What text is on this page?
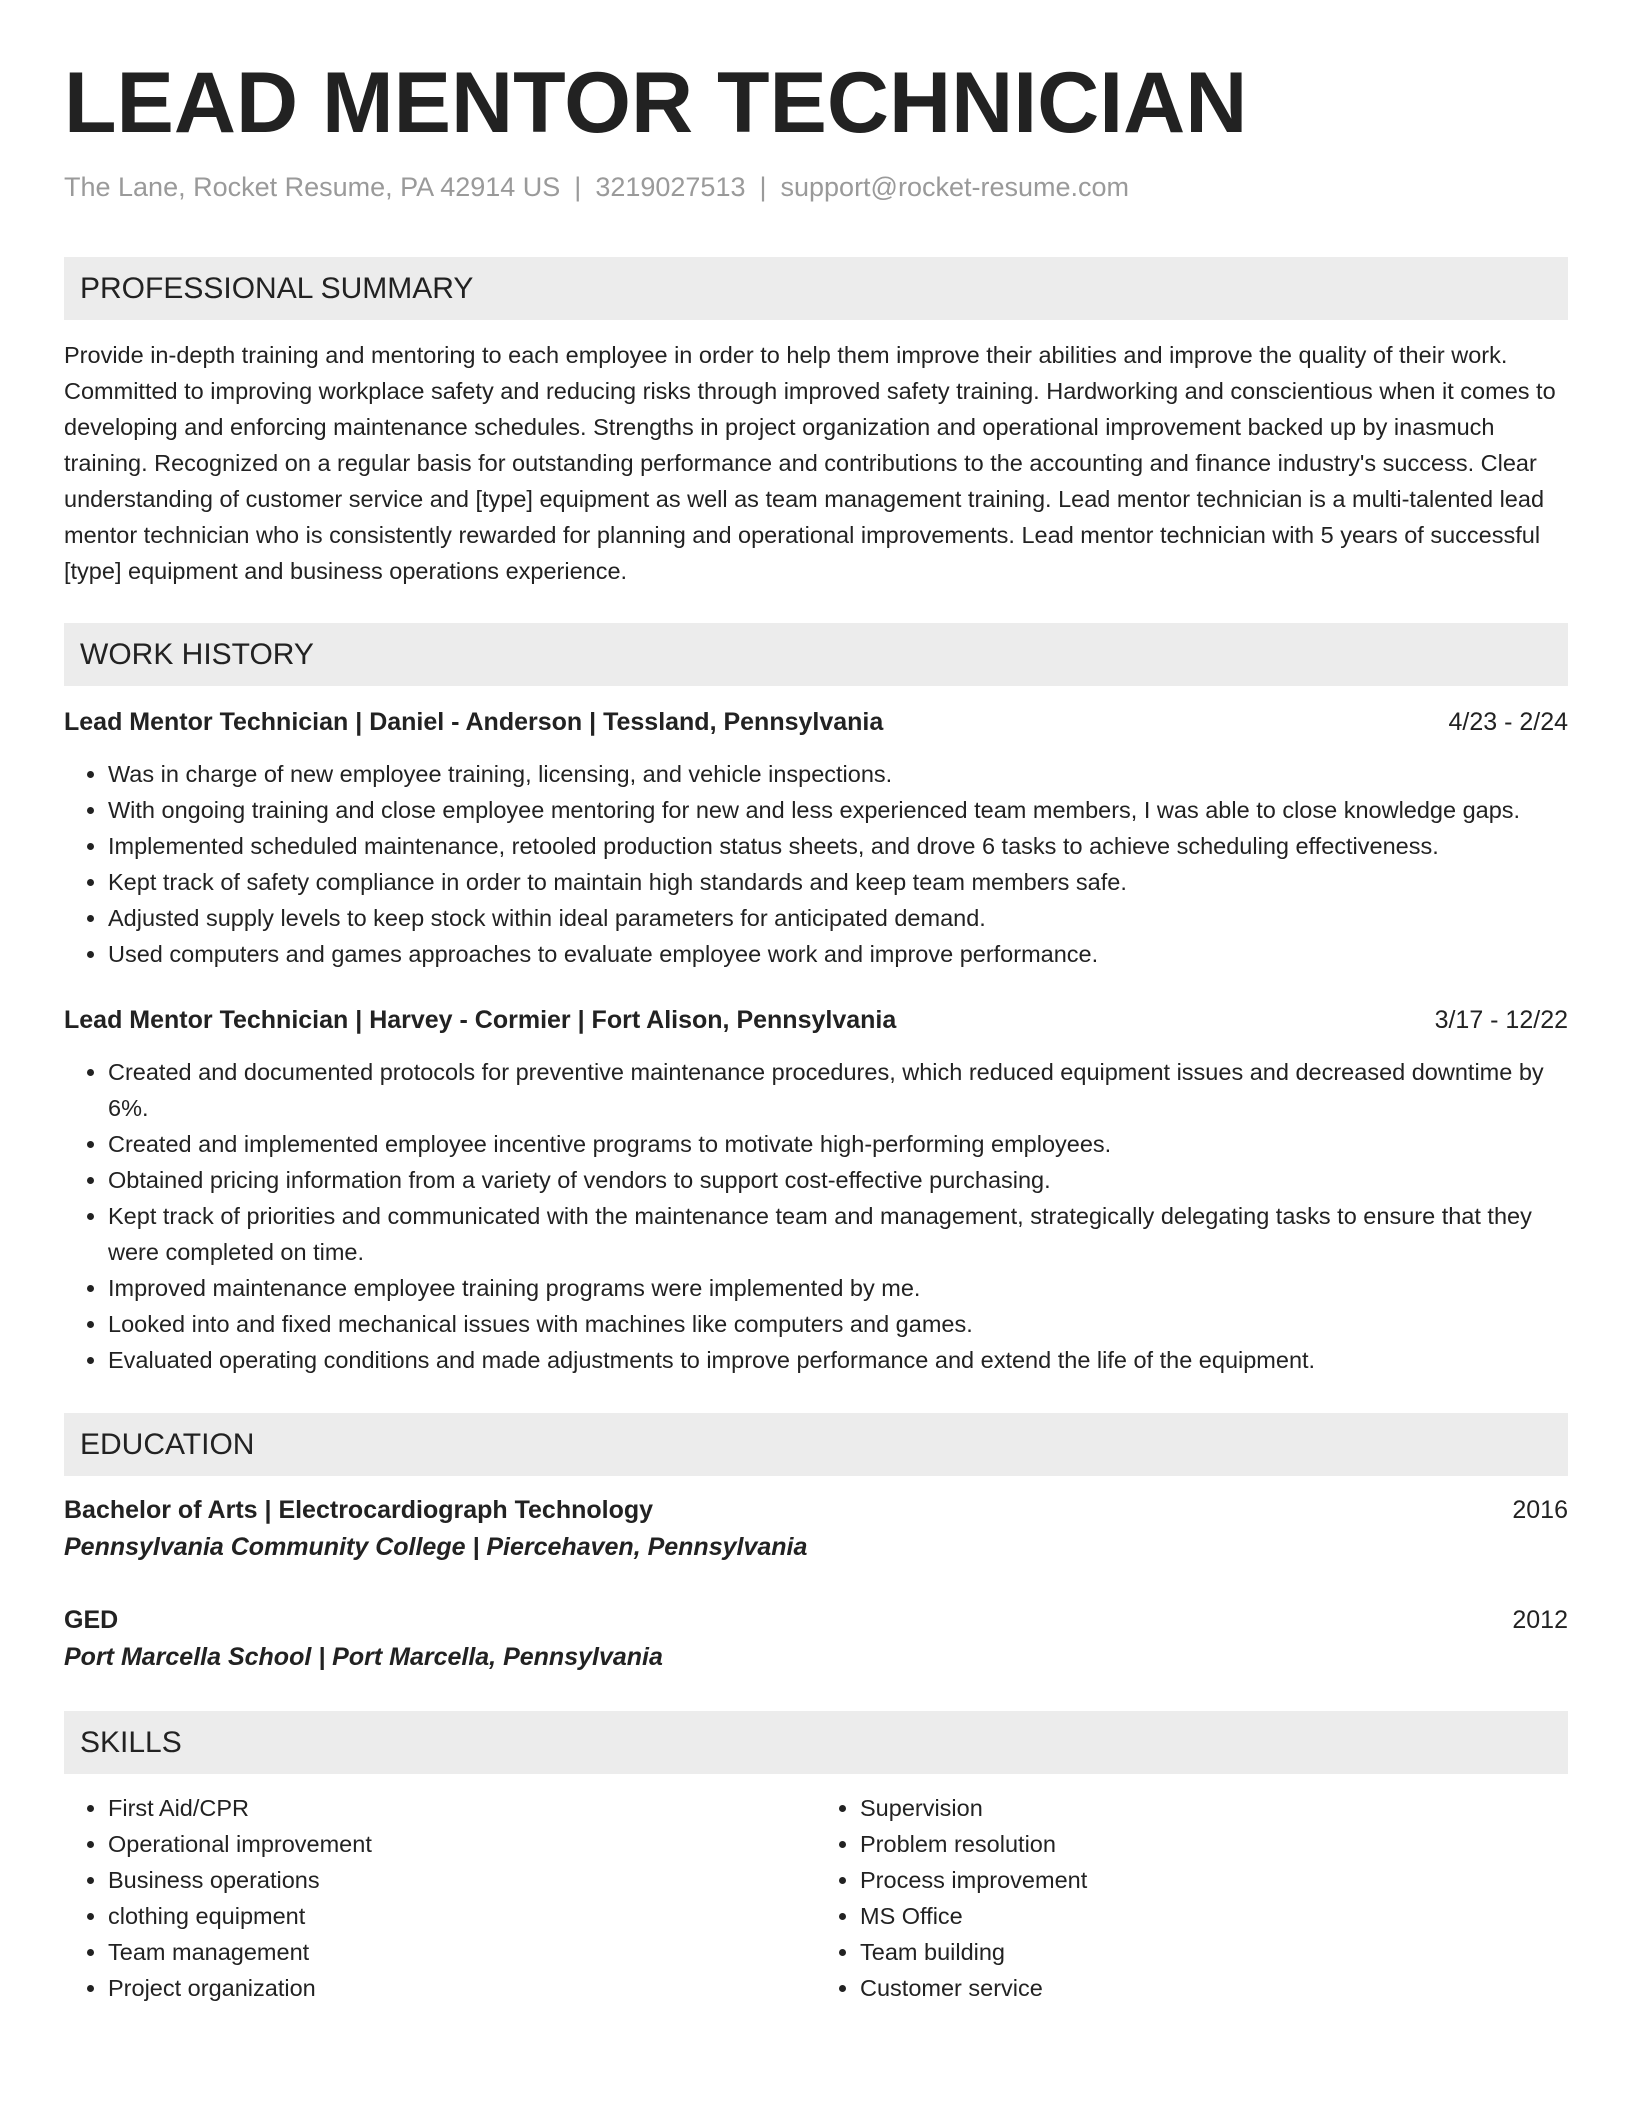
LEAD MENTOR TECHNICIAN
The Lane, Rocket Resume, PA 42914 US | 3219027513 | support@rocket-resume.com
PROFESSIONAL SUMMARY
Provide in-depth training and mentoring to each employee in order to help them improve their abilities and improve the quality of their work. Committed to improving workplace safety and reducing risks through improved safety training. Hardworking and conscientious when it comes to developing and enforcing maintenance schedules. Strengths in project organization and operational improvement backed up by inasmuch training. Recognized on a regular basis for outstanding performance and contributions to the accounting and finance industry's success. Clear understanding of customer service and [type] equipment as well as team management training. Lead mentor technician is a multi-talented lead mentor technician who is consistently rewarded for planning and operational improvements. Lead mentor technician with 5 years of successful [type] equipment and business operations experience.
WORK HISTORY
Lead Mentor Technician | Daniel - Anderson | Tessland, Pennsylvania	4/23 - 2/24
• Was in charge of new employee training, licensing, and vehicle inspections.
• With ongoing training and close employee mentoring for new and less experienced team members, I was able to close knowledge gaps.
• Implemented scheduled maintenance, retooled production status sheets, and drove 6 tasks to achieve scheduling effectiveness.
• Kept track of safety compliance in order to maintain high standards and keep team members safe.
• Adjusted supply levels to keep stock within ideal parameters for anticipated demand.
• Used computers and games approaches to evaluate employee work and improve performance.
Lead Mentor Technician | Harvey - Cormier | Fort Alison, Pennsylvania	3/17 - 12/22
• Created and documented protocols for preventive maintenance procedures, which reduced equipment issues and decreased downtime by 6%.
• Created and implemented employee incentive programs to motivate high-performing employees.
• Obtained pricing information from a variety of vendors to support cost-effective purchasing.
• Kept track of priorities and communicated with the maintenance team and management, strategically delegating tasks to ensure that they were completed on time.
• Improved maintenance employee training programs were implemented by me.
• Looked into and fixed mechanical issues with machines like computers and games.
• Evaluated operating conditions and made adjustments to improve performance and extend the life of the equipment.
EDUCATION
Bachelor of Arts | Electrocardiograph Technology	2016
Pennsylvania Community College | Piercehaven, Pennsylvania
GED	2012
Port Marcella School | Port Marcella, Pennsylvania
SKILLS
• First Aid/CPR
• Operational improvement
• Business operations
• clothing equipment
• Team management
• Project organization
• Supervision
• Problem resolution
• Process improvement
• MS Office
• Team building
• Customer service
